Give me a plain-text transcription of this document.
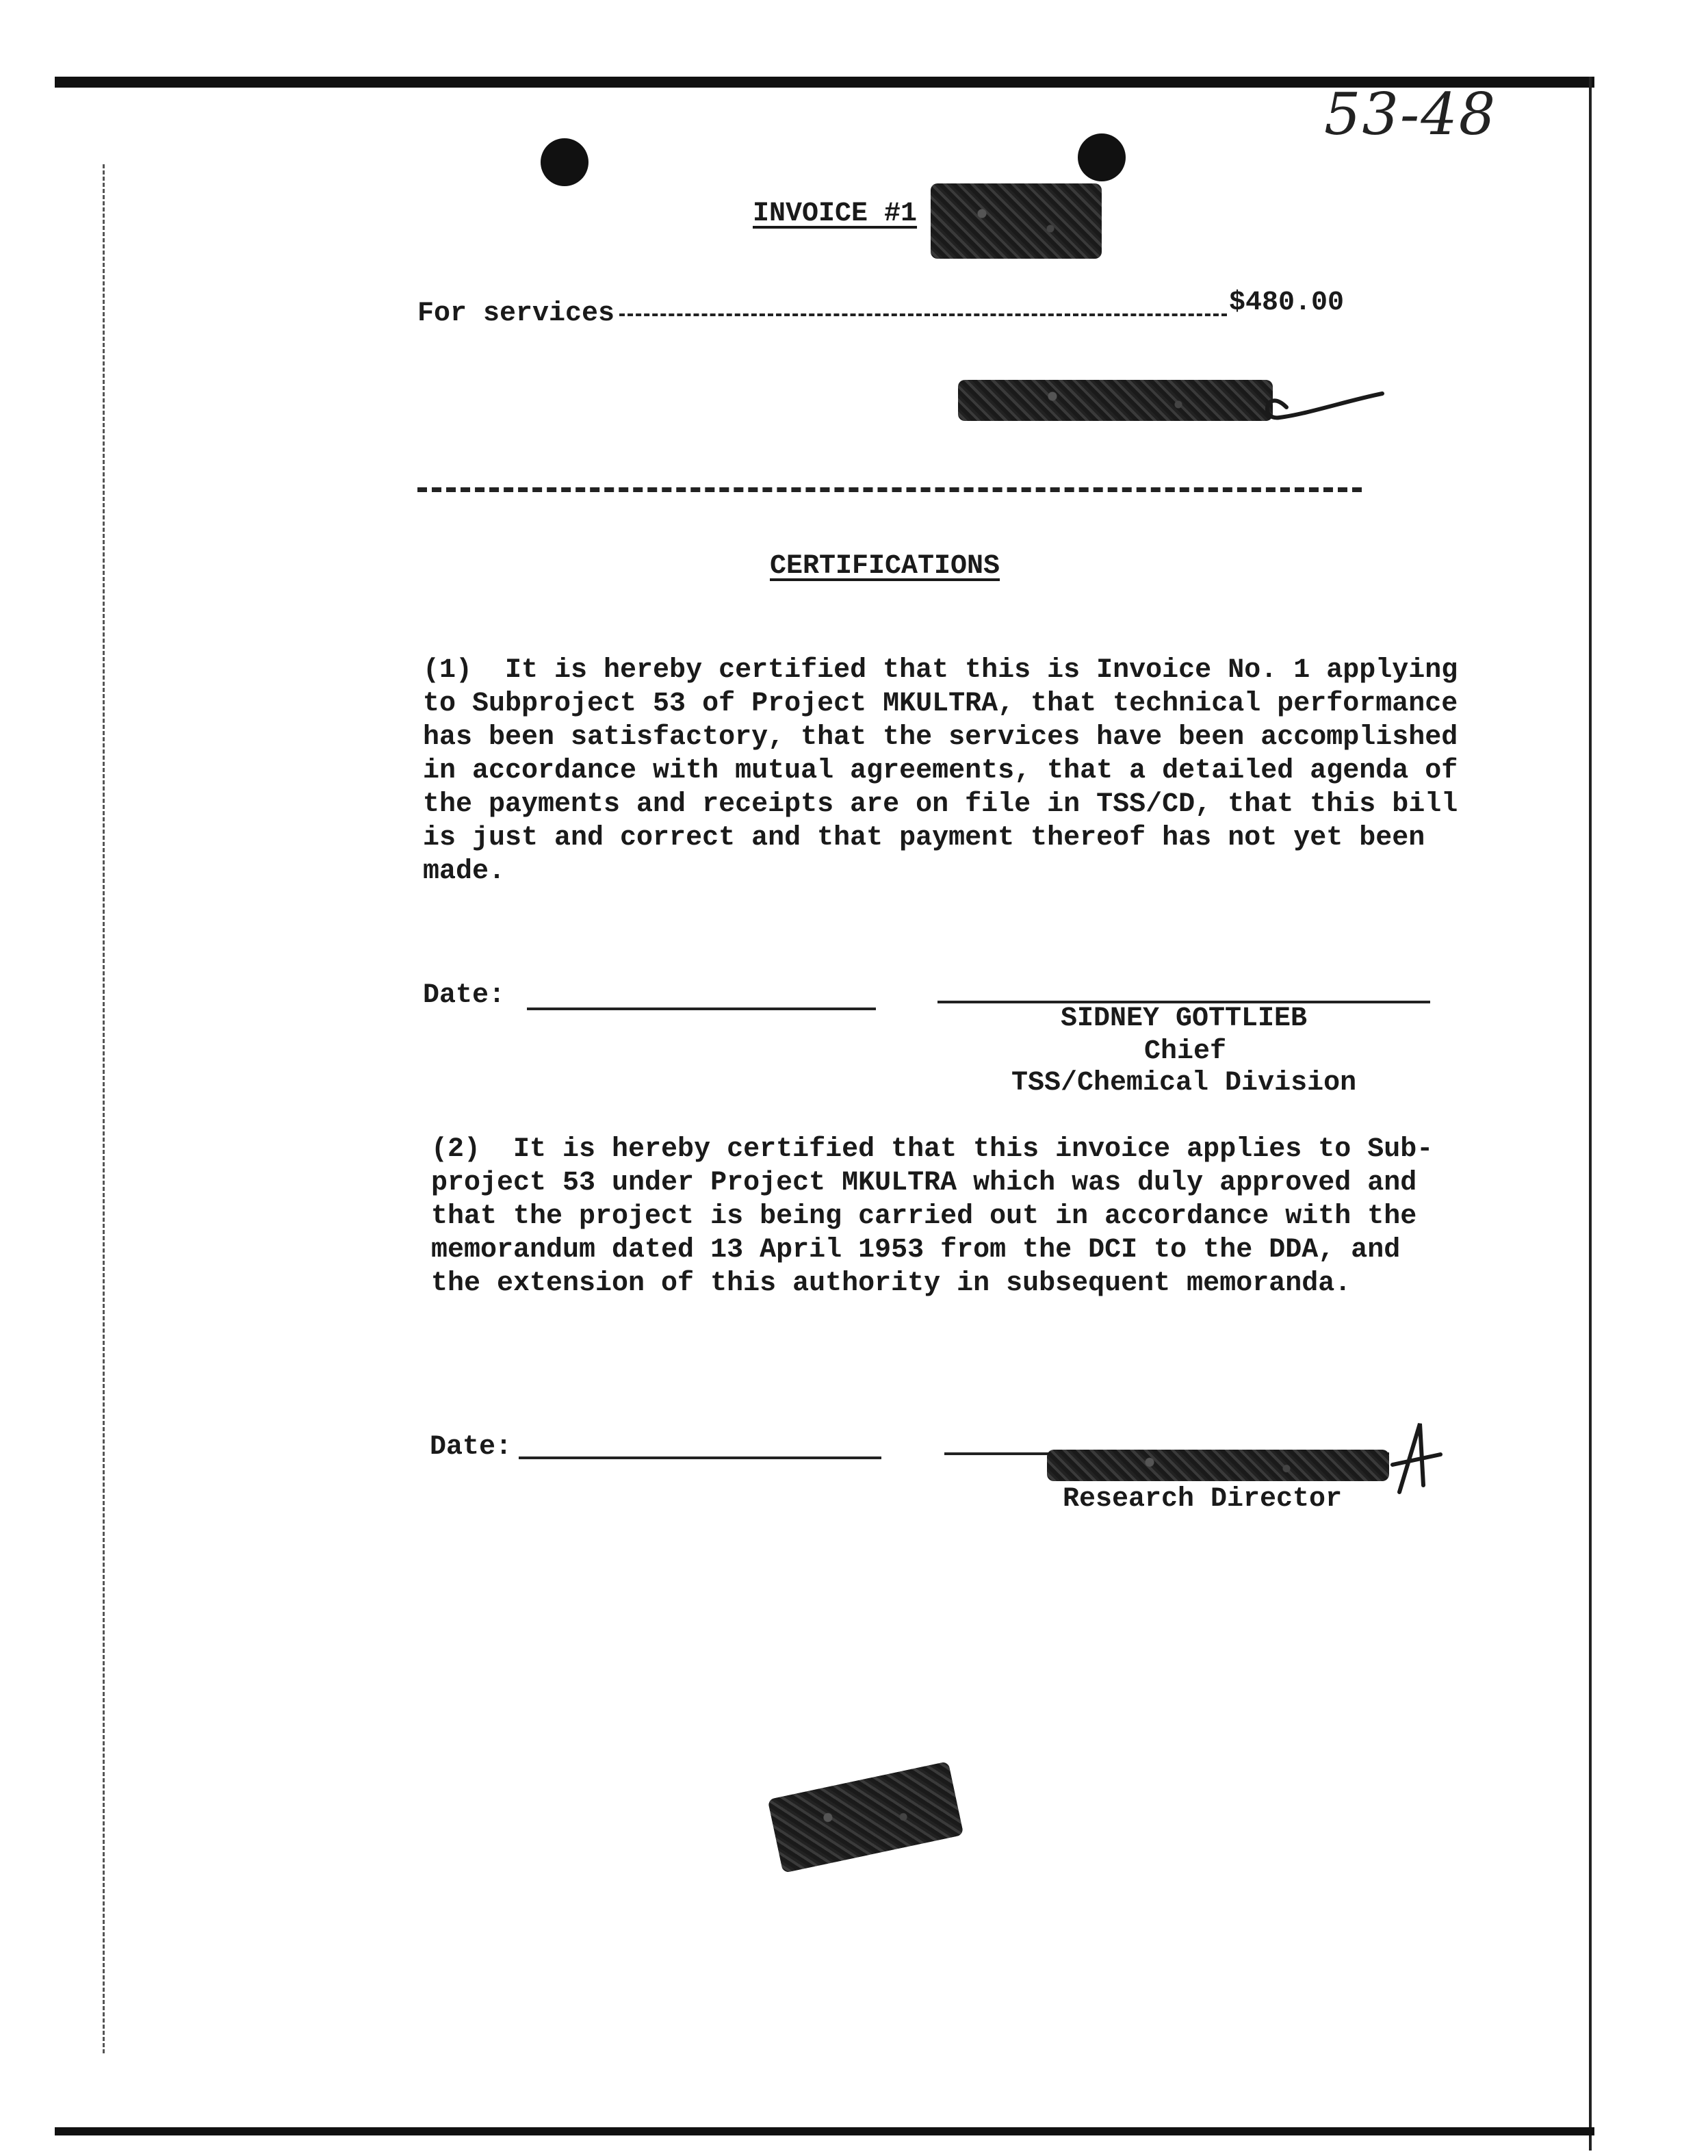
53-48
INVOICE #1
For services	$480.00
CERTIFICATIONS
(1)  It is hereby certified that this is Invoice No. 1 applying
to Subproject 53 of Project MKULTRA, that technical performance
has been satisfactory, that the services have been accomplished
in accordance with mutual agreements, that a detailed agenda of
the payments and receipts are on file in TSS/CD, that this bill
is just and correct and that payment thereof has not yet been
made.
Date:
SIDNEY GOTTLIEB
Chief
TSS/Chemical Division
(2)  It is hereby certified that this invoice applies to Sub-
project 53 under Project MKULTRA which was duly approved and
that the project is being carried out in accordance with the
memorandum dated 13 April 1953 from the DCI to the DDA, and
the extension of this authority in subsequent memoranda.
Date:
Research Director
